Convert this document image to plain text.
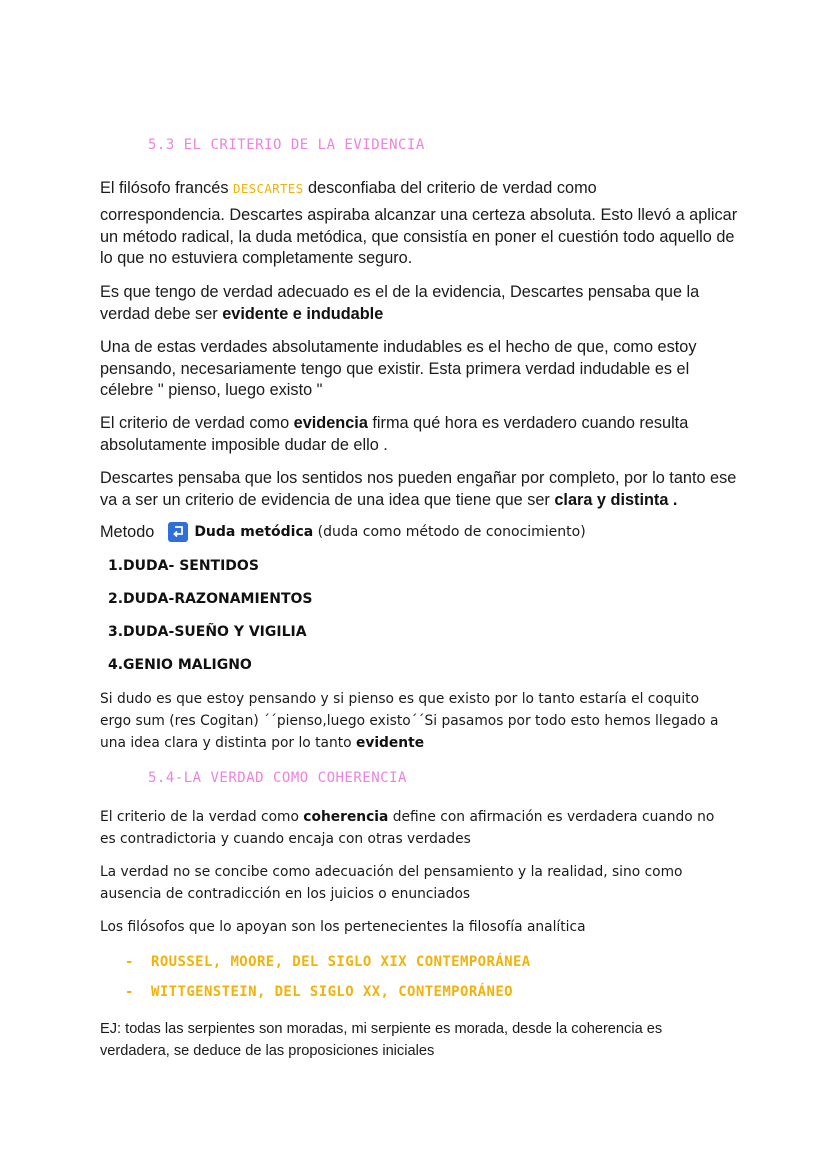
5.3 EL CRITERIO DE LA EVIDENCIA
El filósofo francés DESCARTES desconfiaba del criterio de verdad como
correspondencia. Descartes aspiraba alcanzar una certeza absoluta. Esto llevó a aplicar un método radical, la duda metódica, que consistía en poner el cuestión todo aquello de lo que no estuviera completamente seguro.
Es que tengo de verdad adecuado es el de la evidencia, Descartes pensaba que la verdad debe ser evidente e indudable
Una de estas verdades absolutamente indudables es el hecho de que, como estoy pensando, necesariamente tengo que existir. Esta primera verdad indudable es el célebre " pienso, luego existo "
El criterio de verdad como evidencia firma qué hora es verdadero cuando resulta absolutamente imposible dudar de ello .
Descartes pensaba que los sentidos nos pueden engañar por completo, por lo tanto ese va a ser un criterio de evidencia de una idea que tiene que ser clara y distinta .
Metodo	Duda metódica (duda como método de conocimiento)
1.DUDA- SENTIDOS
2.DUDA-RAZONAMIENTOS
3.DUDA-SUEÑO Y VIGILIA
4.GENIO MALIGNO
Si dudo es que estoy pensando y si pienso es que existo por lo tanto estaría el coquito ergo sum (res Cogitan) ´´pienso,luego existo´´Si pasamos por todo esto hemos llegado a una idea clara y distinta por lo tanto evidente
5.4-LA VERDAD COMO COHERENCIA
El criterio de la verdad como coherencia define con afirmación es verdadera cuando no es contradictoria y cuando encaja con otras verdades
La verdad no se concibe como adecuación del pensamiento y la realidad, sino como ausencia de contradicción en los juicios o enunciados
Los filósofos que lo apoyan son los pertenecientes la filosofía analítica
- ROUSSEL, MOORE, DEL SIGLO XIX CONTEMPORÁNEA
- WITTGENSTEIN, DEL SIGLO XX, CONTEMPORÁNEO
EJ: todas las serpientes son moradas, mi serpiente es morada, desde la coherencia es verdadera, se deduce de las proposiciones iniciales
